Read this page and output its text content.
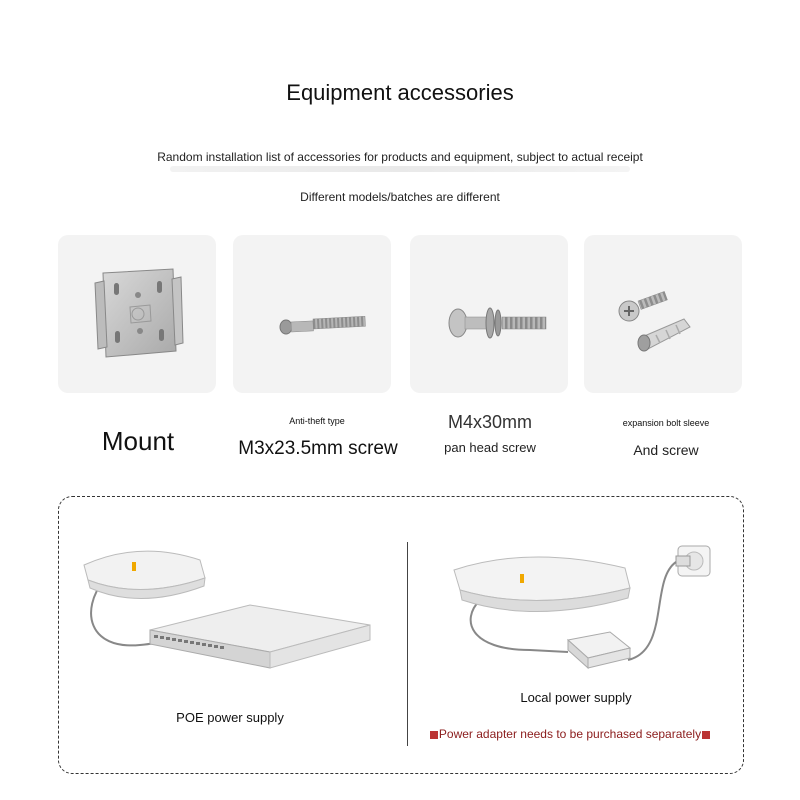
Equipment accessories
Random installation list of accessories for products and equipment, subject to actual receipt
Different models/batches are different
Mount
Anti-theft type
M3x23.5mm screw
M4x30mm
pan head screw
expansion bolt sleeve
And screw
POE power supply
Local power supply
Power adapter needs to be purchased separately
